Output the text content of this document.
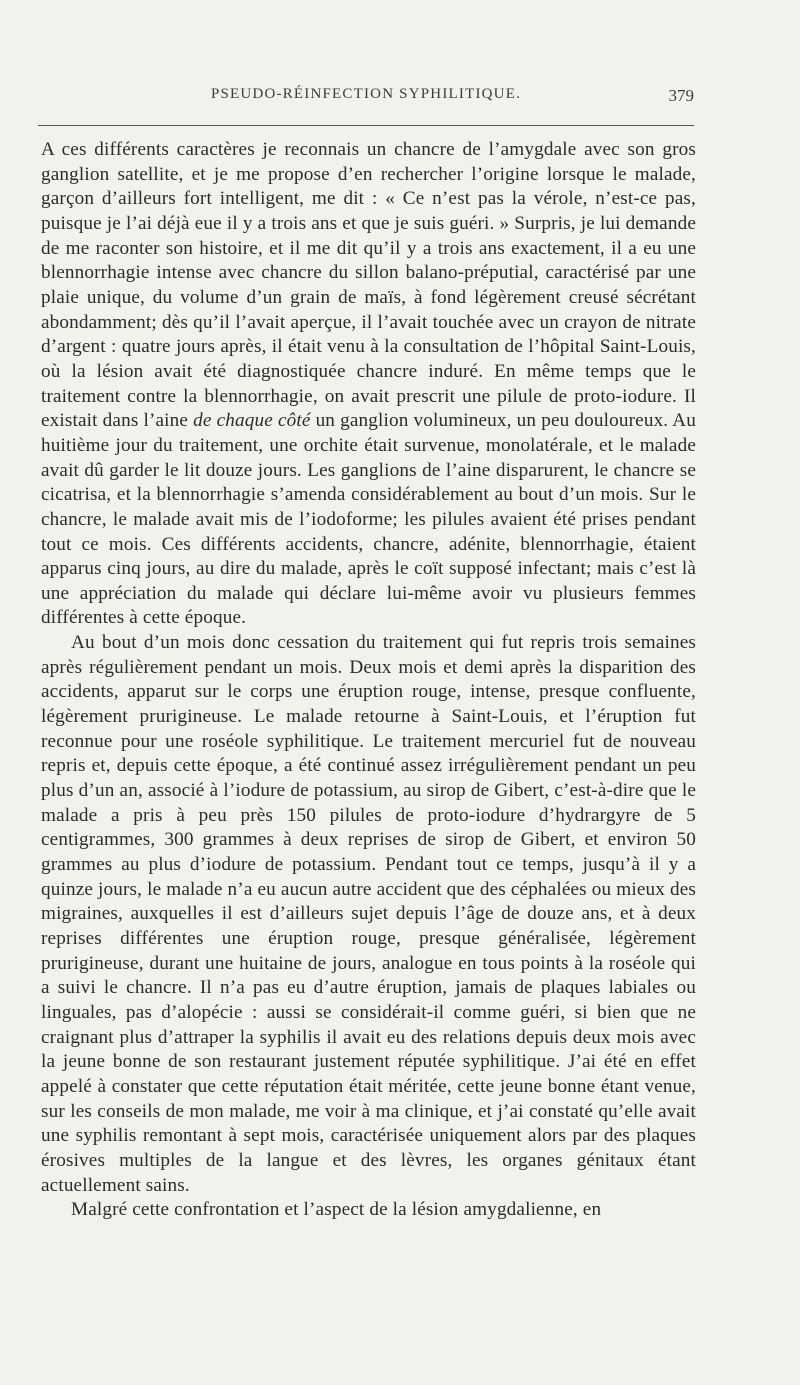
PSEUDO-RÉINFECTION SYPHILITIQUE.	379

A ces différents caractères je reconnais un chancre de l’amygdale avec son gros ganglion satellite, et je me propose d’en rechercher l’origine lorsque le malade, garçon d’ailleurs fort intelligent, me dit : « Ce n’est pas la vérole, n’est-ce pas, puisque je l’ai déjà eue il y a trois ans et que je suis guéri. » Surpris, je lui demande de me raconter son histoire, et il me dit qu’il y a trois ans exactement, il a eu une blennorrhagie intense avec chancre du sillon balano-préputial, caractérisé par une plaie unique, du volume d’un grain de maïs, à fond légèrement creusé sécrétant abondamment; dès qu’il l’avait aperçue, il l’avait touchée avec un crayon de nitrate d’argent : quatre jours après, il était venu à la consultation de l’hôpital Saint-Louis, où la lésion avait été diagnostiquée chancre induré. En même temps que le traitement contre la blennorrhagie, on avait prescrit une pilule de proto-iodure. Il existait dans l’aine de chaque côté un ganglion volumineux, un peu douloureux. Au huitième jour du traitement, une orchite était survenue, monolatérale, et le malade avait dû garder le lit douze jours. Les ganglions de l’aine disparurent, le chancre se cicatrisa, et la blennorrhagie s’amenda considérablement au bout d’un mois. Sur le chancre, le malade avait mis de l’iodoforme; les pilules avaient été prises pendant tout ce mois. Ces différents accidents, chancre, adénite, blennorrhagie, étaient apparus cinq jours, au dire du malade, après le coït supposé infectant; mais c’est là une appréciation du malade qui déclare lui-même avoir vu plusieurs femmes différentes à cette époque.

Au bout d’un mois donc cessation du traitement qui fut repris trois semaines après régulièrement pendant un mois. Deux mois et demi après la disparition des accidents, apparut sur le corps une éruption rouge, intense, presque confluente, légèrement prurigineuse. Le malade retourne à Saint-Louis, et l’éruption fut reconnue pour une roséole syphilitique. Le traitement mercuriel fut de nouveau repris et, depuis cette époque, a été continué assez irrégulièrement pendant un peu plus d’un an, associé à l’iodure de potassium, au sirop de Gibert, c’est-à-dire que le malade a pris à peu près 150 pilules de proto-iodure d’hydrargyre de 5 centigrammes, 300 grammes à deux reprises de sirop de Gibert, et environ 50 grammes au plus d’iodure de potassium. Pendant tout ce temps, jusqu’à il y a quinze jours, le malade n’a eu aucun autre accident que des céphalées ou mieux des migraines, auxquelles il est d’ailleurs sujet depuis l’âge de douze ans, et à deux reprises différentes une éruption rouge, presque généralisée, légèrement prurigineuse, durant une huitaine de jours, analogue en tous points à la roséole qui a suivi le chancre. Il n’a pas eu d’autre éruption, jamais de plaques labiales ou linguales, pas d’alopécie : aussi se considérait-il comme guéri, si bien que ne craignant plus d’attraper la syphilis il avait eu des relations depuis deux mois avec la jeune bonne de son restaurant justement réputée syphilitique. J’ai été en effet appelé à constater que cette réputation était méritée, cette jeune bonne étant venue, sur les conseils de mon malade, me voir à ma clinique, et j’ai constaté qu’elle avait une syphilis remontant à sept mois, caractérisée uniquement alors par des plaques érosives multiples de la langue et des lèvres, les organes génitaux étant actuellement sains.

Malgré cette confrontation et l’aspect de la lésion amygdalienne, en
